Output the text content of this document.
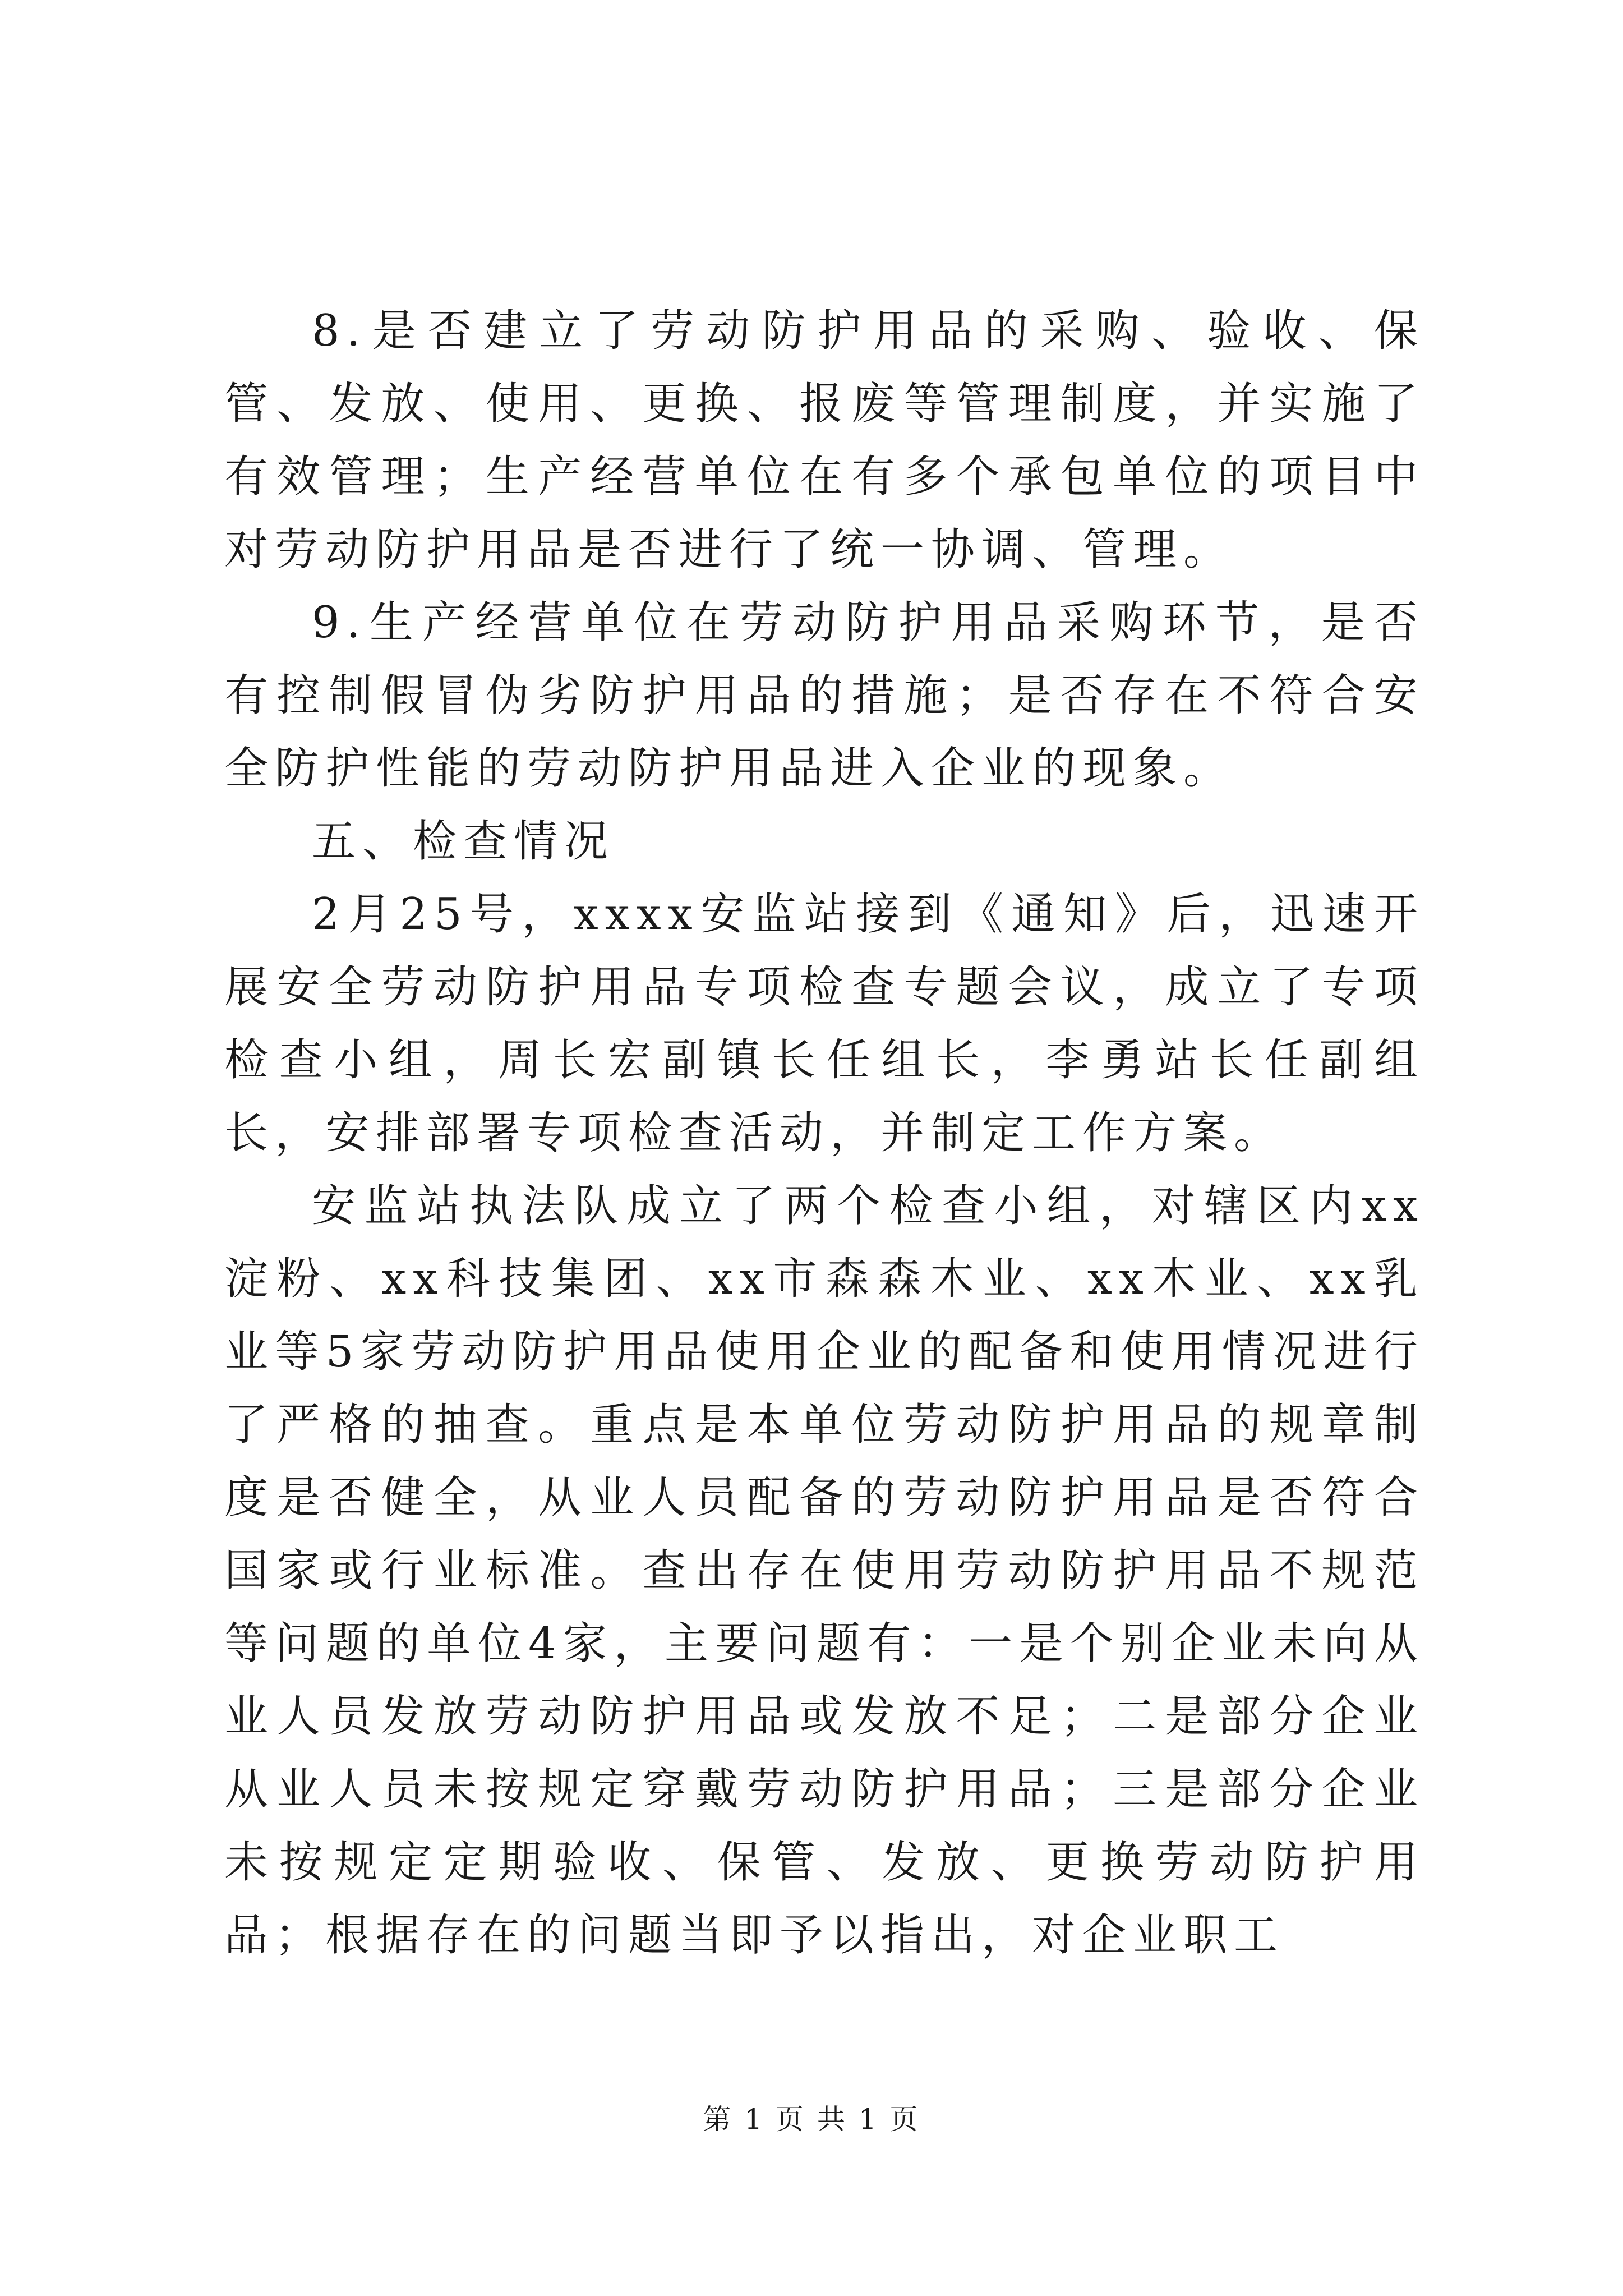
8.是否建立了劳动防护用品的采购、验收、保管、发放、使用、更换、报废等管理制度，并实施了有效管理；生产经营单位在有多个承包单位的项目中对劳动防护用品是否进行了统一协调、管理。

9.生产经营单位在劳动防护用品采购环节，是否有控制假冒伪劣防护用品的措施；是否存在不符合安全防护性能的劳动防护用品进入企业的现象。

五、检查情况

2月25号，xxxx安监站接到《通知》后，迅速开展安全劳动防护用品专项检查专题会议，成立了专项检查小组，周长宏副镇长任组长，李勇站长任副组长，安排部署专项检查活动，并制定工作方案。

安监站执法队成立了两个检查小组，对辖区内xx淀粉、xx科技集团、xx市森森木业、xx木业、xx乳业等5家劳动防护用品使用企业的配备和使用情况进行了严格的抽查。重点是本单位劳动防护用品的规章制度是否健全，从业人员配备的劳动防护用品是否符合国家或行业标准。查出存在使用劳动防护用品不规范等问题的单位4家，主要问题有：一是个别企业未向从业人员发放劳动防护用品或发放不足；二是部分企业从业人员未按规定穿戴劳动防护用品；三是部分企业未按规定定期验收、保管、发放、更换劳动防护用品；根据存在的问题当即予以指出，对企业职工

第 1 页 共 1 页
